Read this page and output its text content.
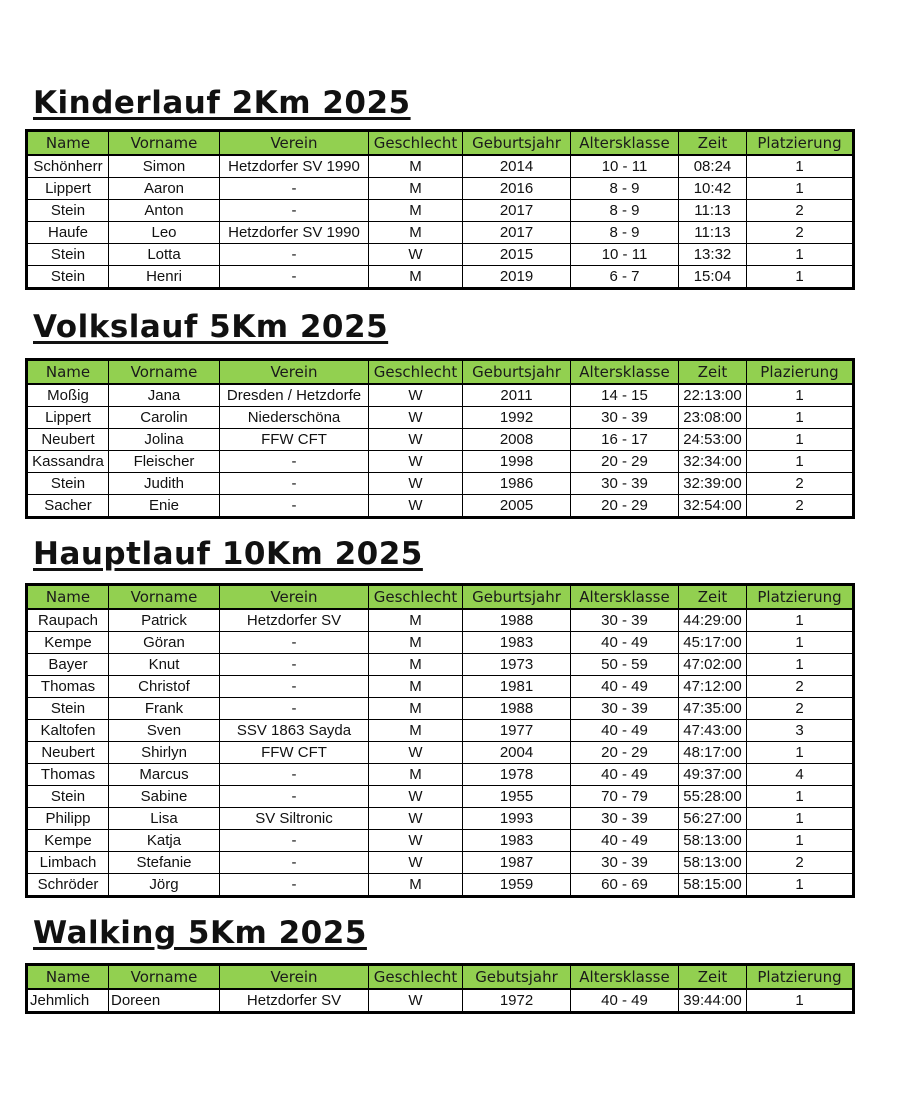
Kinderlauf 2Km 2025
Name	Vorname	Verein	Geschlecht	Geburtsjahr	Altersklasse	Zeit	Platzierung
Schönherr	Simon	Hetzdorfer SV 1990	M	2014	10 - 11	08:24	1
Lippert	Aaron	-	M	2016	8 - 9	10:42	1
Stein	Anton	-	M	2017	8 - 9	11:13	2
Haufe	Leo	Hetzdorfer SV 1990	M	2017	8 - 9	11:13	2
Stein	Lotta	-	W	2015	10 - 11	13:32	1
Stein	Henri	-	M	2019	6 - 7	15:04	1
Volkslauf 5Km 2025
Name	Vorname	Verein	Geschlecht	Geburtsjahr	Altersklasse	Zeit	Plazierung
Moßig	Jana	Dresden / Hetzdorfe	W	2011	14 - 15	22:13:00	1
Lippert	Carolin	Niederschöna	W	1992	30 - 39	23:08:00	1
Neubert	Jolina	FFW CFT	W	2008	16 - 17	24:53:00	1
Kassandra	Fleischer	-	W	1998	20 - 29	32:34:00	1
Stein	Judith	-	W	1986	30 - 39	32:39:00	2
Sacher	Enie	-	W	2005	20 - 29	32:54:00	2
Hauptlauf 10Km 2025
Name	Vorname	Verein	Geschlecht	Geburtsjahr	Altersklasse	Zeit	Platzierung
Raupach	Patrick	Hetzdorfer SV	M	1988	30 - 39	44:29:00	1
Kempe	Göran	-	M	1983	40 - 49	45:17:00	1
Bayer	Knut	-	M	1973	50 - 59	47:02:00	1
Thomas	Christof	-	M	1981	40 - 49	47:12:00	2
Stein	Frank	-	M	1988	30 - 39	47:35:00	2
Kaltofen	Sven	SSV 1863 Sayda	M	1977	40 - 49	47:43:00	3
Neubert	Shirlyn	FFW CFT	W	2004	20 - 29	48:17:00	1
Thomas	Marcus	-	M	1978	40 - 49	49:37:00	4
Stein	Sabine	-	W	1955	70 - 79	55:28:00	1
Philipp	Lisa	SV Siltronic	W	1993	30 - 39	56:27:00	1
Kempe	Katja	-	W	1983	40 - 49	58:13:00	1
Limbach	Stefanie	-	W	1987	30 - 39	58:13:00	2
Schröder	Jörg	-	M	1959	60 - 69	58:15:00	1
Walking 5Km 2025
Name	Vorname	Verein	Geschlecht	Gebutsjahr	Altersklasse	Zeit	Platzierung
Jehmlich	Doreen	Hetzdorfer SV	W	1972	40 - 49	39:44:00	1
